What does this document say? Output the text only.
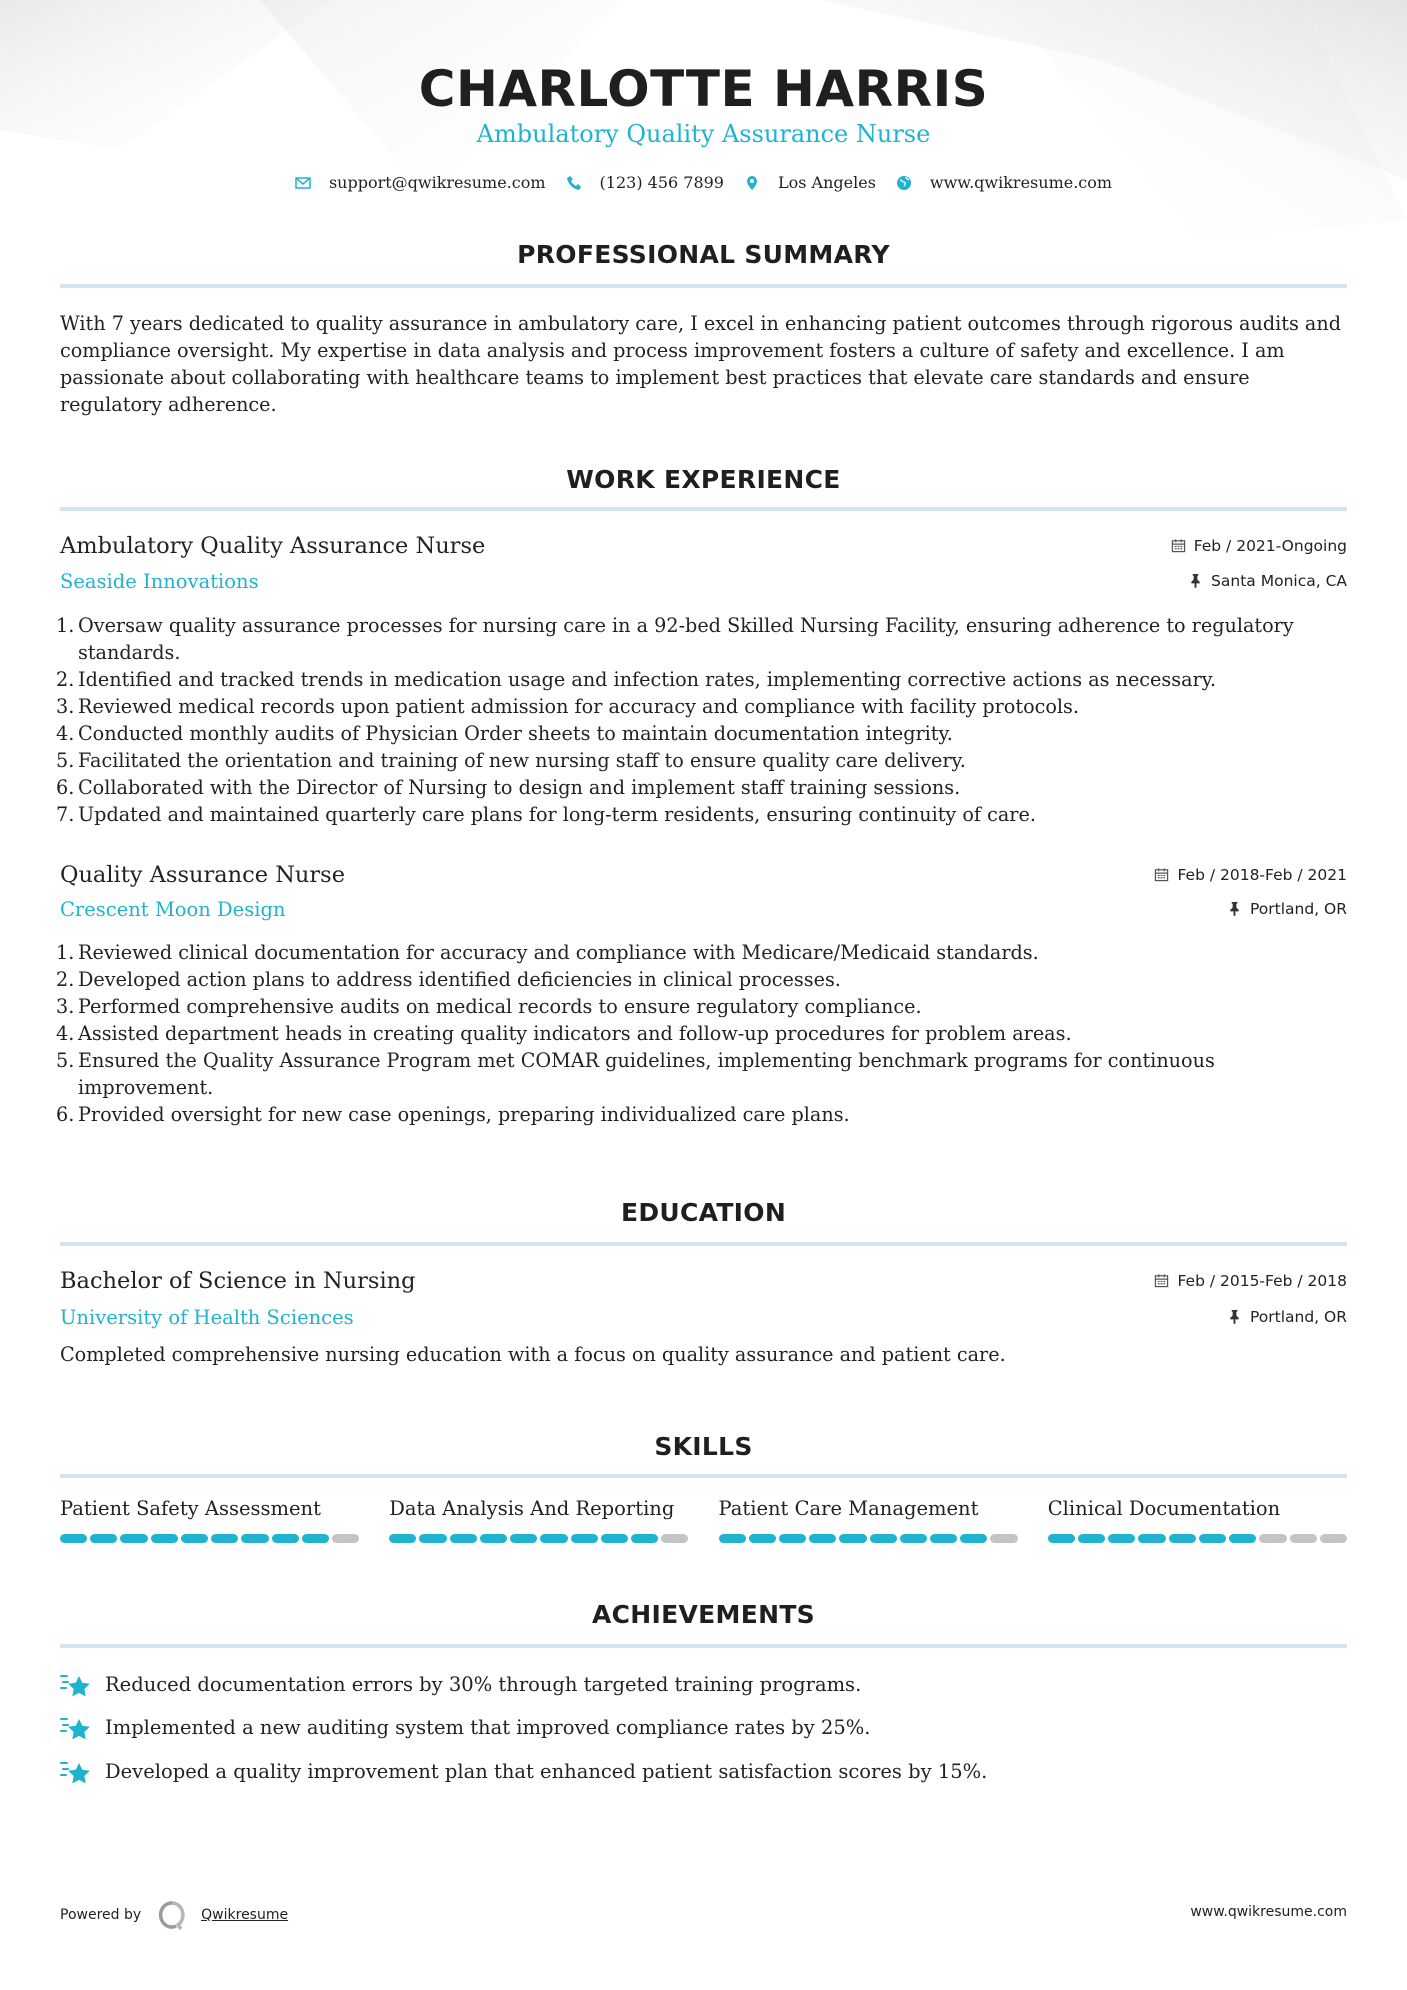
CHARLOTTE HARRIS
Ambulatory Quality Assurance Nurse
support@qwikresume.com	(123) 456 7899	Los Angeles	www.qwikresume.com
PROFESSIONAL SUMMARY
With 7 years dedicated to quality assurance in ambulatory care, I excel in enhancing patient outcomes through rigorous audits and compliance oversight. My expertise in data analysis and process improvement fosters a culture of safety and excellence. I am passionate about collaborating with healthcare teams to implement best practices that elevate care standards and ensure regulatory adherence.
WORK EXPERIENCE
Ambulatory Quality Assurance Nurse	Feb / 2021-Ongoing
Seaside Innovations	Santa Monica, CA
1. Oversaw quality assurance processes for nursing care in a 92-bed Skilled Nursing Facility, ensuring adherence to regulatory standards.
2. Identified and tracked trends in medication usage and infection rates, implementing corrective actions as necessary.
3. Reviewed medical records upon patient admission for accuracy and compliance with facility protocols.
4. Conducted monthly audits of Physician Order sheets to maintain documentation integrity.
5. Facilitated the orientation and training of new nursing staff to ensure quality care delivery.
6. Collaborated with the Director of Nursing to design and implement staff training sessions.
7. Updated and maintained quarterly care plans for long-term residents, ensuring continuity of care.
Quality Assurance Nurse	Feb / 2018-Feb / 2021
Crescent Moon Design	Portland, OR
1. Reviewed clinical documentation for accuracy and compliance with Medicare/Medicaid standards.
2. Developed action plans to address identified deficiencies in clinical processes.
3. Performed comprehensive audits on medical records to ensure regulatory compliance.
4. Assisted department heads in creating quality indicators and follow-up procedures for problem areas.
5. Ensured the Quality Assurance Program met COMAR guidelines, implementing benchmark programs for continuous improvement.
6. Provided oversight for new case openings, preparing individualized care plans.
EDUCATION
Bachelor of Science in Nursing	Feb / 2015-Feb / 2018
University of Health Sciences	Portland, OR
Completed comprehensive nursing education with a focus on quality assurance and patient care.
SKILLS
Patient Safety Assessment	Data Analysis And Reporting	Patient Care Management	Clinical Documentation
ACHIEVEMENTS
Reduced documentation errors by 30% through targeted training programs.
Implemented a new auditing system that improved compliance rates by 25%.
Developed a quality improvement plan that enhanced patient satisfaction scores by 15%.
Powered by	Qwikresume	www.qwikresume.com
